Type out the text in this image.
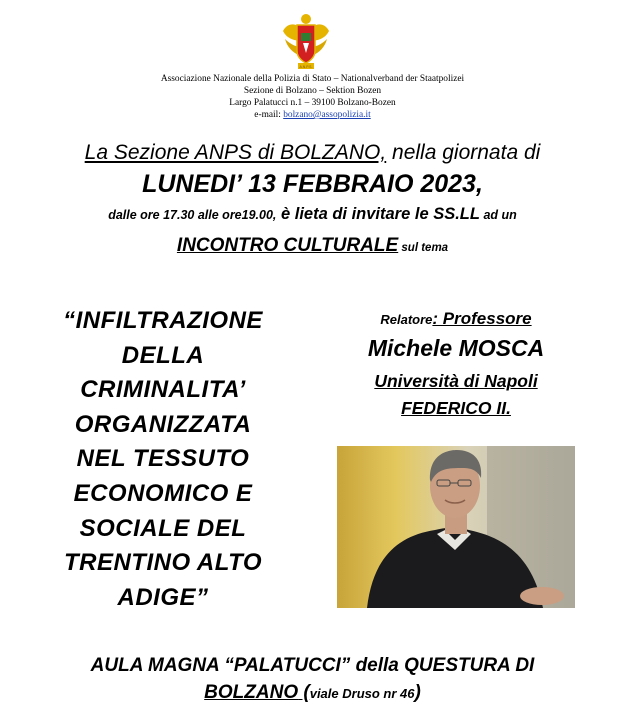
A.N.P.S.
Associazione Nazionale della Polizia di Stato – Nationalverband der Staatpolizei
Sezione di Bolzano – Sektion Bozen
Largo Palatucci n.1 – 39100 Bolzano-Bozen
e-mail: bolzano@assopolizia.it
La Sezione ANPS di BOLZANO, nella giornata di
LUNEDI’ 13 FEBBRAIO 2023,
dalle ore 17.30 alle ore19.00, è lieta di invitare le SS.LL ad un
INCONTRO CULTURALE sul tema
“INFILTRAZIONE
DELLA
CRIMINALITA’
ORGANIZZATA
NEL TESSUTO
ECONOMICO E
SOCIALE DEL
TRENTINO ALTO
ADIGE”
Relatore: Professore
Michele MOSCA
Università di Napoli
FEDERICO II.
AULA MAGNA “PALATUCCI” della QUESTURA DI
BOLZANO (viale Druso nr 46)
